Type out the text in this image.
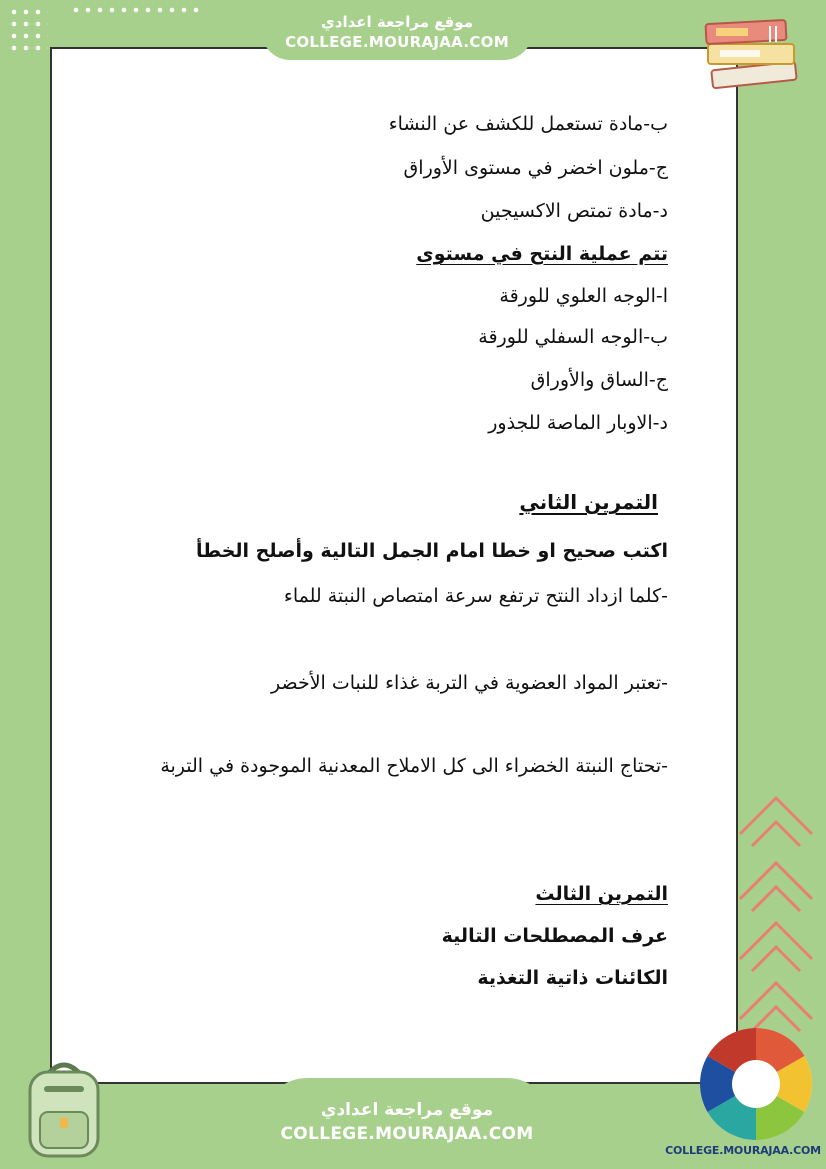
موقع مراجعة اعدادي
COLLEGE.MOURAJAA.COM
ب-مادة تستعمل للكشف عن النشاء
ج-ملون اخضر في مستوى الأوراق
د-مادة تمتص الاكسيجين
تتم عملية النتح في مستوى
ا-الوجه العلوي للورقة
ب-الوجه السفلي للورقة
ج-الساق والأوراق
د-الاوبار الماصة للجذور
التمرين الثاني
اكتب صحيح او خطا امام الجمل التالية وأصلح الخطأ
-كلما ازداد النتح ترتفع سرعة امتصاص النبتة للماء
-تعتبر المواد العضوية في التربة غذاء للنبات الأخضر
-تحتاج النبتة الخضراء الى كل الاملاح المعدنية الموجودة في التربة
التمرين الثالث
عرف المصطلحات التالية
الكائنات ذاتية التغذية
موقع مراجعة اعدادي
COLLEGE.MOURAJAA.COM
COLLEGE.MOURAJAA.COM
